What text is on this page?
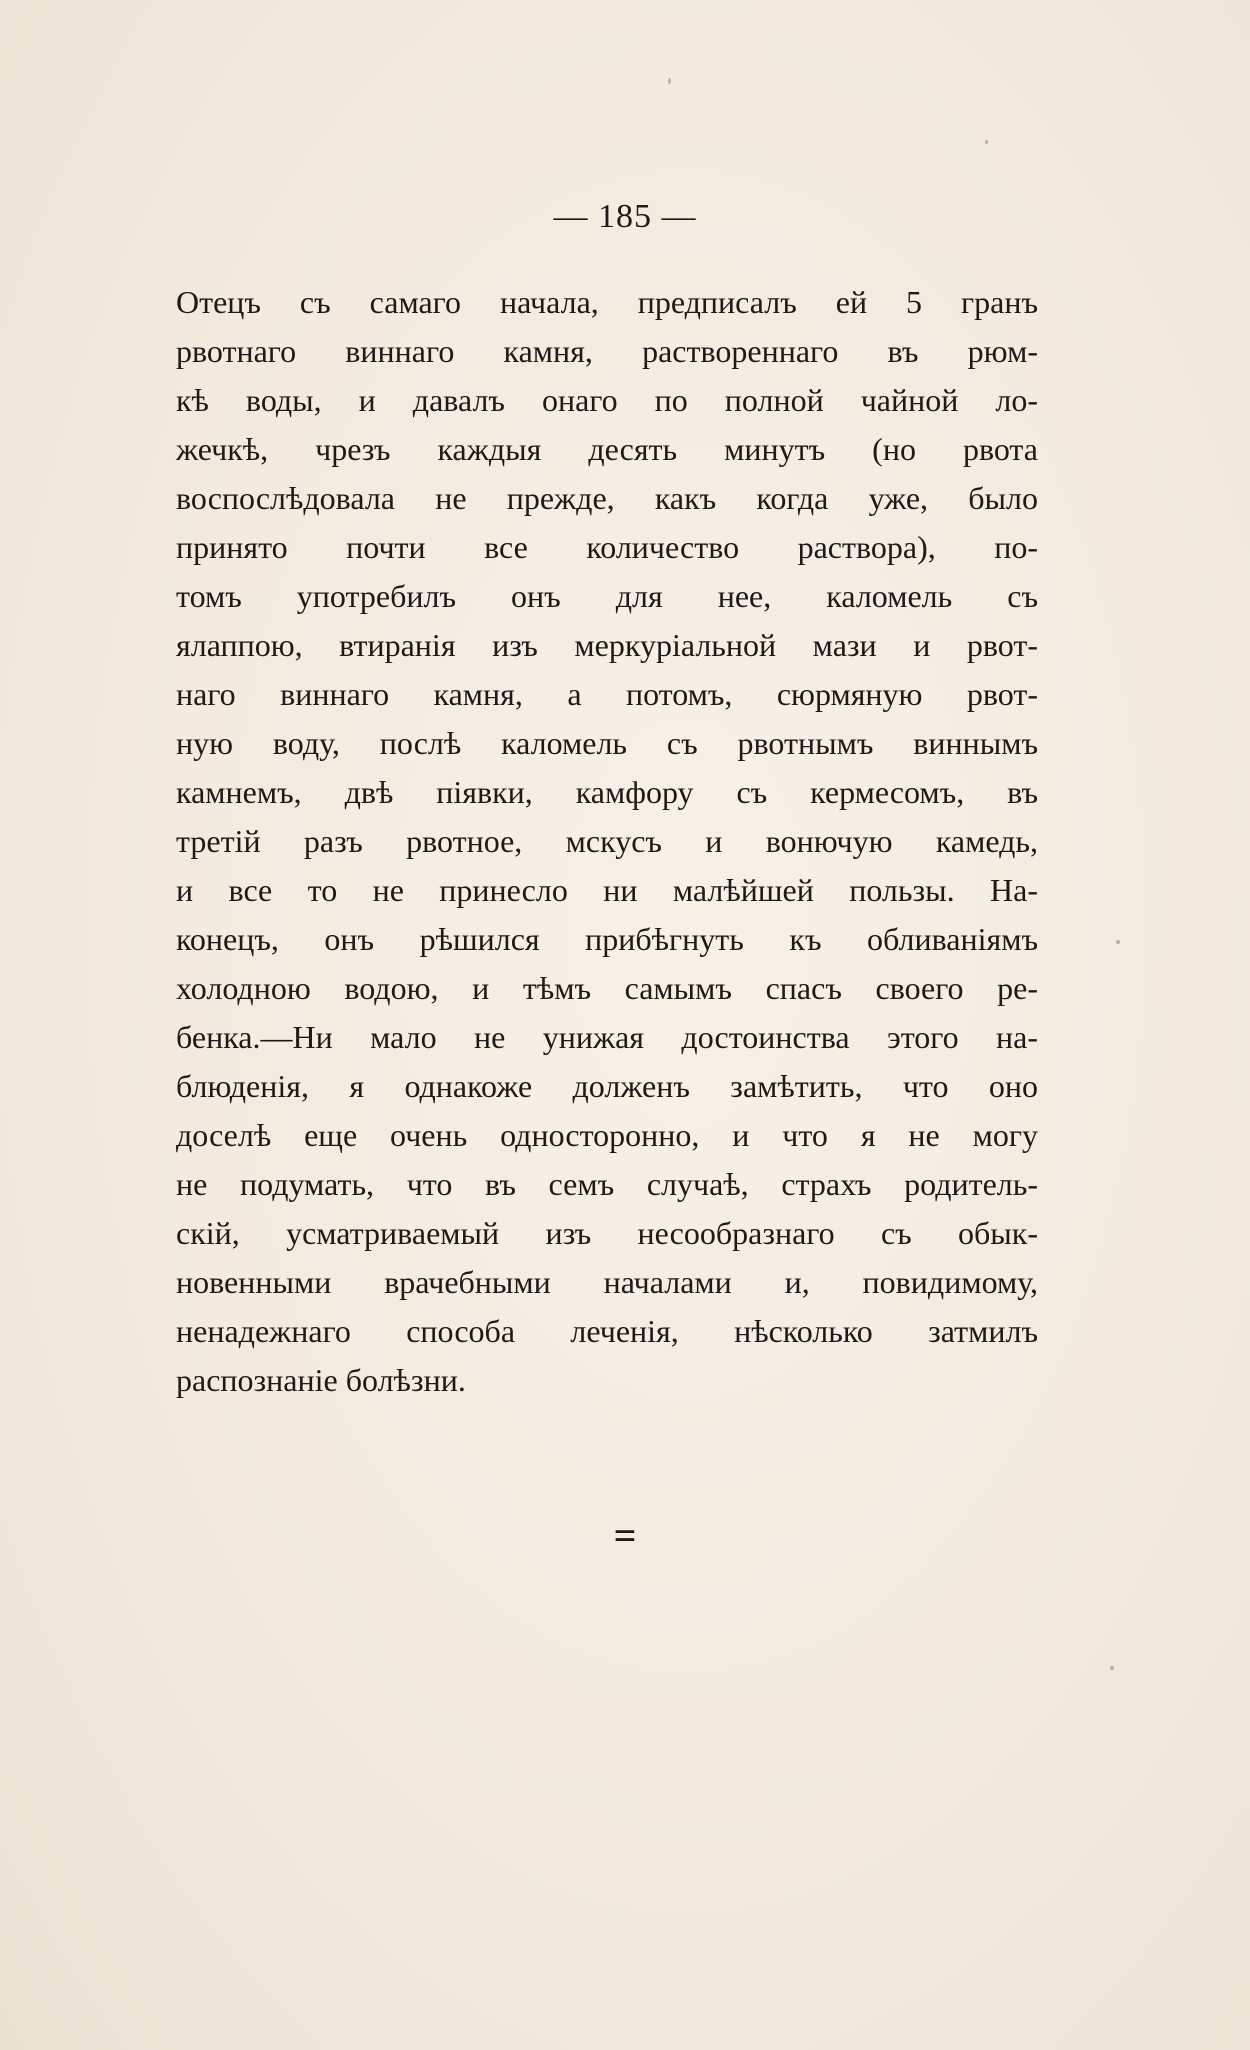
— 185 —
Отецъ съ самаго начала, предписалъ ей 5 гранъ
рвотнаго виннаго камня, раствореннаго въ рюм-
кѣ воды, и давалъ онаго по полной чайной ло-
жечкѣ, чрезъ каждыя десять минутъ (но рвота
воспослѣдовала не прежде, какъ когда уже, было
принято почти все количество раствора), по-
томъ употребилъ онъ для нее, каломель съ
ялаппою, втиранія изъ меркуріальной мази и рвот-
наго виннаго камня, а потомъ, сюрмяную рвот-
ную воду, послѣ каломель съ рвотнымъ виннымъ
камнемъ, двѣ піявки, камфору съ кермесомъ, въ
третій разъ рвотное, мскусъ и вонючую камедь,
и все то не принесло ни малѣйшей пользы. На-
конецъ, онъ рѣшился прибѣгнуть къ обливаніямъ
холодною водою, и тѣмъ самымъ спасъ своего ре-
бенка.—Ни мало не унижая достоинства этого на-
блюденія, я однакоже долженъ замѣтить, что оно
доселѣ еще очень односторонно, и что я не могу
не подумать, что въ семъ случаѣ, страхъ родитель-
скій, усматриваемый изъ несообразнаго съ обык-
новенными врачебными началами и, повидимому,
ненадежнаго способа леченія, нѣсколько затмилъ
распознаніе болѣзни.
=
